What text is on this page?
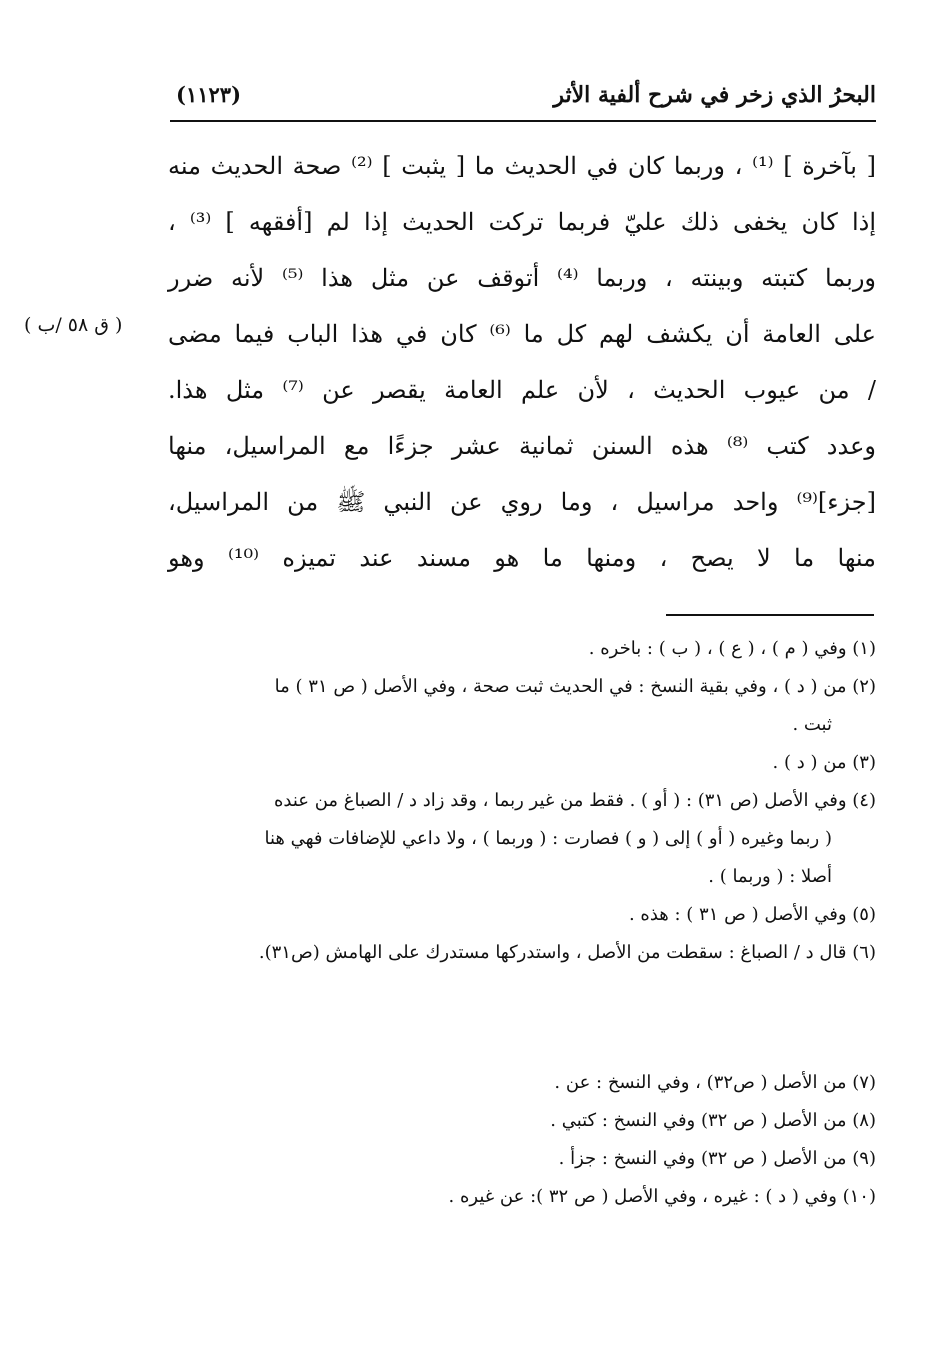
البحرُ الذي زخر في شرح ألفية الأثر
(١١٢٣)
( ق ٥٨ /ب )
[ بآخرة ] ⁽¹⁾ ، وربما كان في الحديث ما [ يثبت ] ⁽²⁾ صحة الحديث منه
إذا كان يخفى ذلك عليّ فربما تركت الحديث إذا لم [أفقهه ] ⁽³⁾ ،
وربما كتبته وبينته ، وربما ⁽⁴⁾ أتوقف عن مثل هذا ⁽⁵⁾ لأنه ضرر
على العامة أن يكشف لهم كل ما ⁽⁶⁾ كان في هذا الباب فيما مضى
/ من عيوب الحديث ، لأن علم العامة يقصر عن ⁽⁷⁾ مثل هذا.
وعدد كتب ⁽⁸⁾ هذه السنن ثمانية عشر جزءًا مع المراسيل، منها
[جزء]⁽⁹⁾ واحد مراسيل ، وما روي عن النبي ﷺ من المراسيل،
منها ما لا يصح ، ومنها ما هو مسند عند تميزه ⁽¹⁰⁾ وهو
(١) وفي ( م ) ، ( ع ) ، ( ب ) : باخره .
(٢) من ( د ) ، وفي بقية النسخ : في الحديث ثبت صحة ، وفي الأصل ( ص ٣١ ) ما
ثبت .
(٣) من ( د ) .
(٤) وفي الأصل (ص ٣١) : ( أو ) . فقط من غير ربما ، وقد زاد د / الصباغ من عنده
( ربما وغيره ( أو ) إلى ( و ) فصارت : ( وربما ) ، ولا داعي للإضافات فهي هنا
أصلا : ( وربما ) .
(٥) وفي الأصل ( ص ٣١ ) : هذه .
(٦) قال د / الصباغ : سقطت من الأصل ، واستدركها مستدرك على الهامش (ص٣١).
(٧) من الأصل ( ص٣٢) ، وفي النسخ : عن .
(٨) من الأصل ( ص ٣٢) وفي النسخ : كتبي .
(٩) من الأصل ( ص ٣٢) وفي النسخ : جزأ .
(١٠) وفي ( د ) : غيره ، وفي الأصل ( ص ٣٢ ): عن غيره .
